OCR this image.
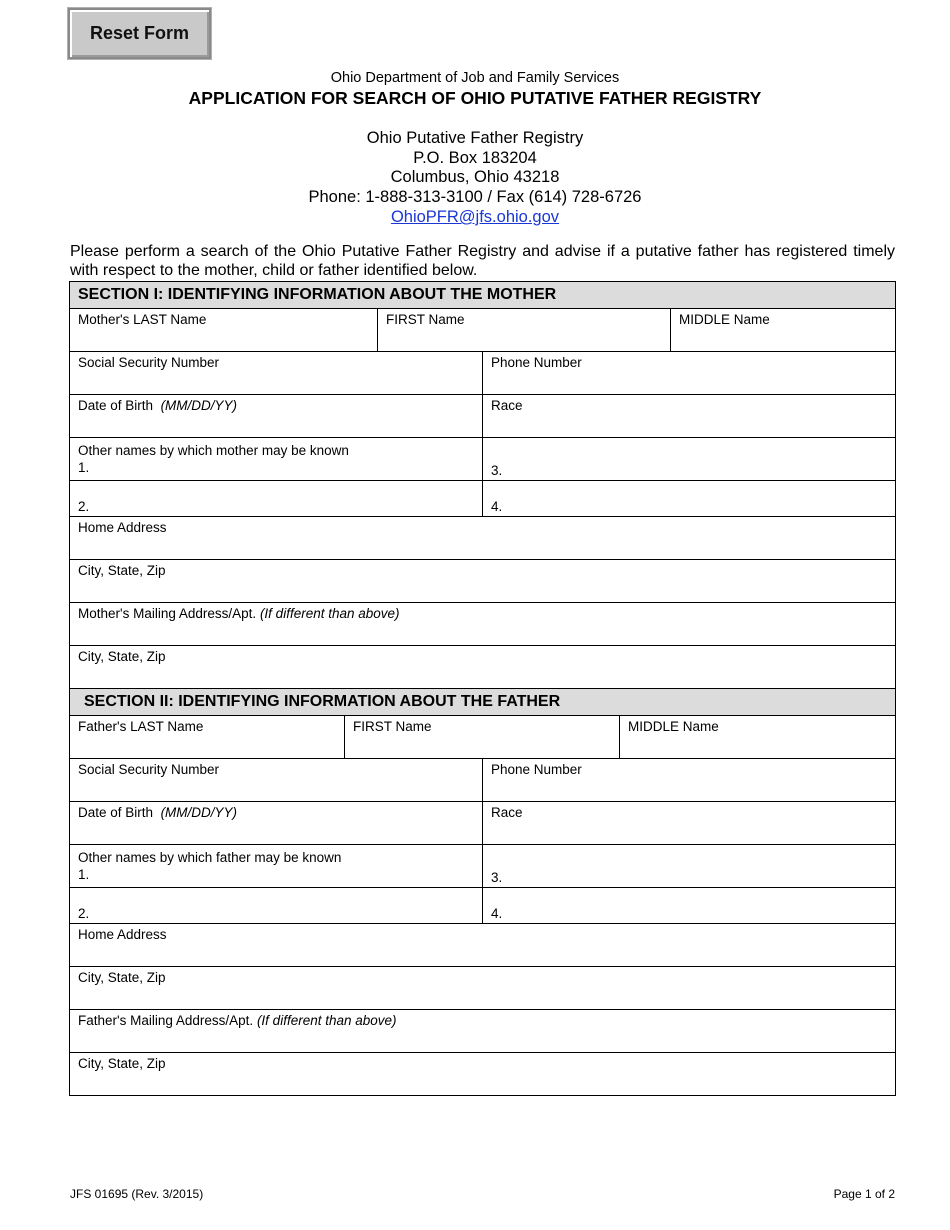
Reset Form
Ohio Department of Job and Family Services
APPLICATION FOR SEARCH OF OHIO PUTATIVE FATHER REGISTRY
Ohio Putative Father Registry
P.O. Box 183204
Columbus, Ohio 43218
Phone: 1-888-313-3100 / Fax (614) 728-6726
OhioPFR@jfs.ohio.gov
Please perform a search of the Ohio Putative Father Registry and advise if a putative father has registered timely with respect to the mother, child or father identified below.
SECTION I: IDENTIFYING INFORMATION ABOUT THE MOTHER					
Mother's LAST Name		FIRST Name			MIDDLE Name
Social Security Number			Phone Number		
Date of Birth (MM/DD/YY)			Race		

Other names by which mother may be known
1.			3.		
2.			4.		
Home Address					
City, State, Zip					
Mother's Mailing Address/Apt. (If different than above)					
City, State, Zip					
SECTION II: IDENTIFYING INFORMATION ABOUT THE FATHER					
Father's LAST Name	FIRST Name			MIDDLE Name	
Social Security Number			Phone Number		
Date of Birth (MM/DD/YY)			Race		

Other names by which father may be known
1.			3.		
2.			4.		
Home Address					
City, State, Zip					
Father's Mailing Address/Apt. (If different than above)					
City, State, Zip					
JFS 01695 (Rev. 3/2015)	Page 1 of 2
